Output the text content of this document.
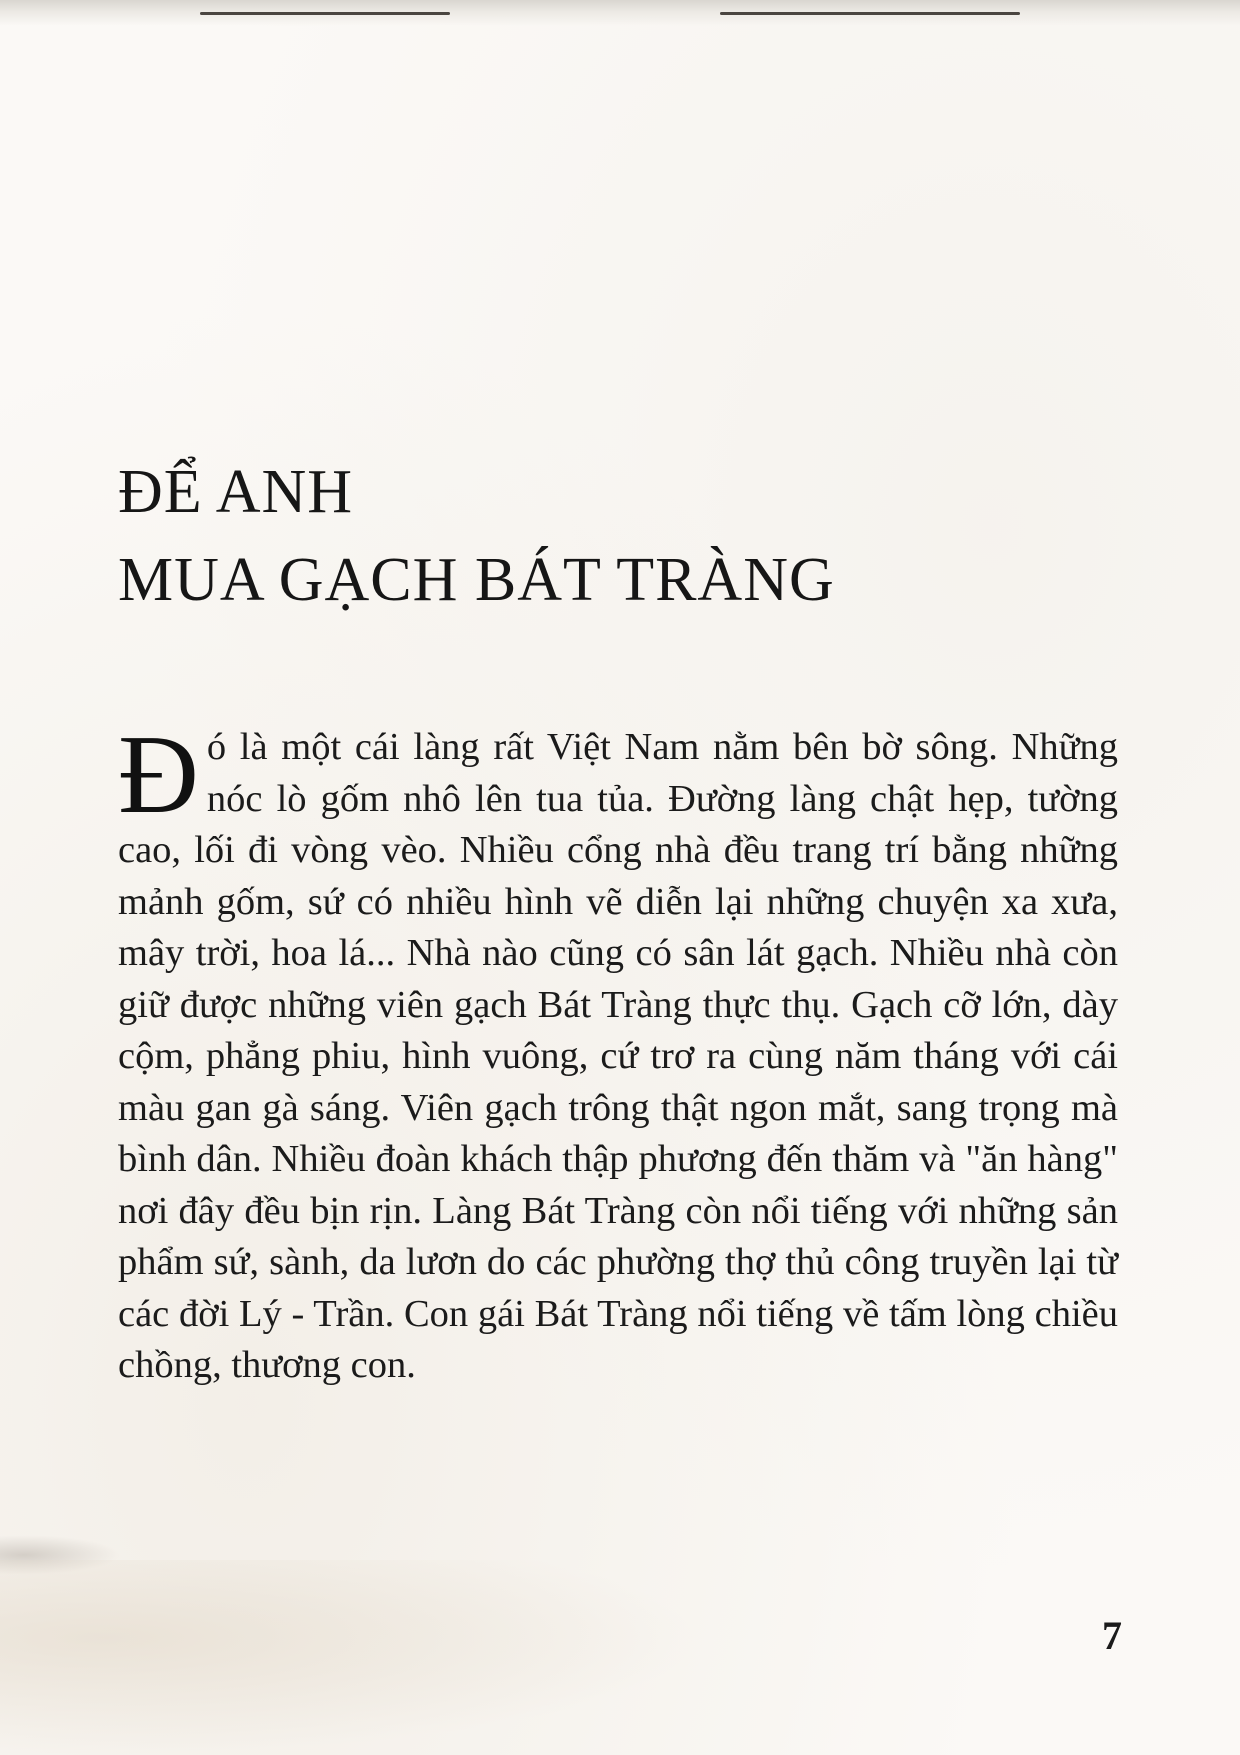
ĐỂ ANH
MUA GẠCH BÁT TRÀNG

Đó là một cái làng rất Việt Nam nằm bên bờ sông. Những nóc lò gốm nhô lên tua tủa. Đường làng chật hẹp, tường cao, lối đi vòng vèo. Nhiều cổng nhà đều trang trí bằng những mảnh gốm, sứ có nhiều hình vẽ diễn lại những chuyện xa xưa, mây trời, hoa lá... Nhà nào cũng có sân lát gạch. Nhiều nhà còn giữ được những viên gạch Bát Tràng thực thụ. Gạch cỡ lớn, dày cộm, phẳng phiu, hình vuông, cứ trơ ra cùng năm tháng với cái màu gan gà sáng. Viên gạch trông thật ngon mắt, sang trọng mà bình dân. Nhiều đoàn khách thập phương đến thăm và "ăn hàng" nơi đây đều bịn rịn. Làng Bát Tràng còn nổi tiếng với những sản phẩm sứ, sành, da lươn do các phường thợ thủ công truyền lại từ các đời Lý - Trần. Con gái Bát Tràng nổi tiếng về tấm lòng chiều chồng, thương con.

7
